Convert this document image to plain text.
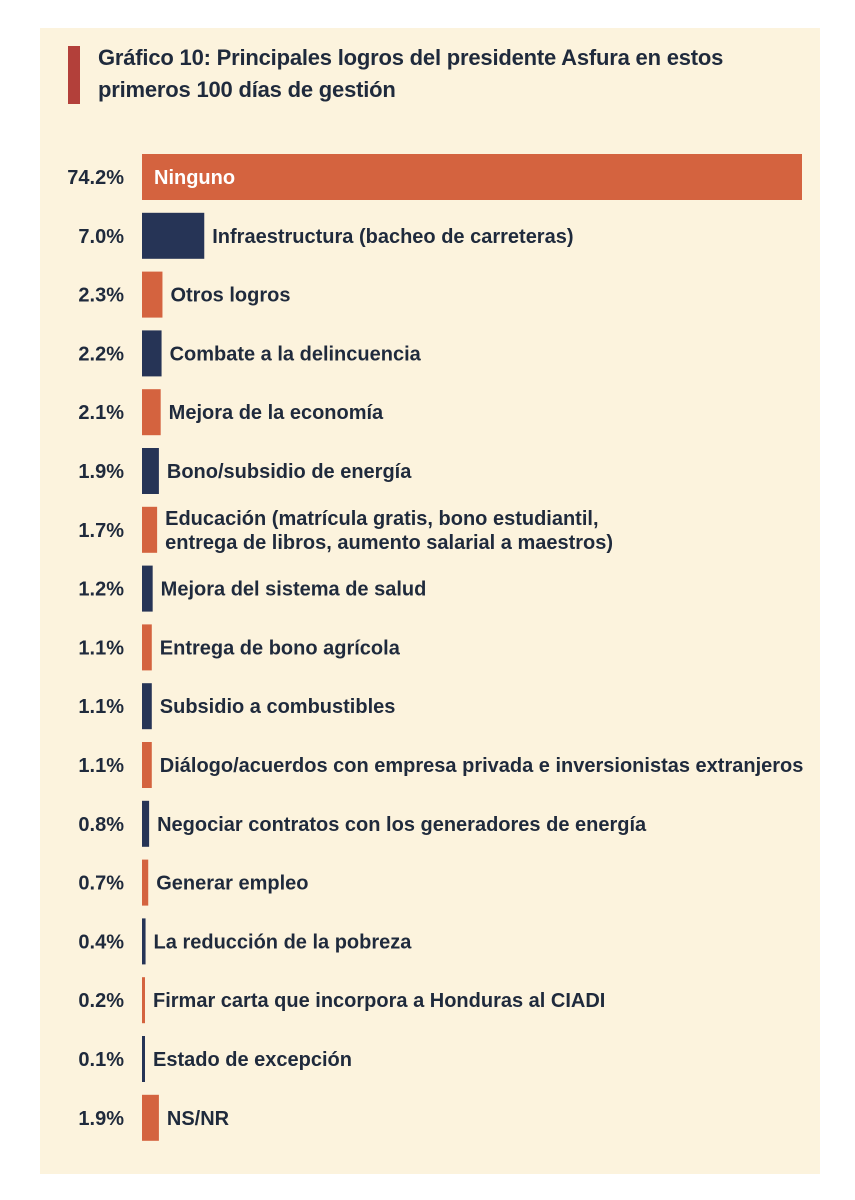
Gráfico 10: Principales logros del presidente Asfura en estos primeros 100 días de gestión
74.2% Ninguno
7.0%	Infraestructura (bacheo de carreteras)
2.3% Otros logros
2.2% Combate a la delincuencia
2.1% Mejora de la economía
1.9% Bono/subsidio de energía
1.7%
Educación (matrícula gratis, bono estudiantil, entrega de libros, aumento salarial a maestros)
1.2% Mejora del sistema de salud
1.1% Entrega de bono agrícola
1.1% Subsidio a combustibles
1.1% Diálogo/acuerdos con empresa privada e inversionistas extranjeros
0.8% Negociar contratos con los generadores de energía
0.7% Generar empleo
0.4% La reducción de la pobreza
0.2% Firmar carta que incorpora a Honduras al CIADI
0.1% Estado de excepción
1.9% NS/NR
